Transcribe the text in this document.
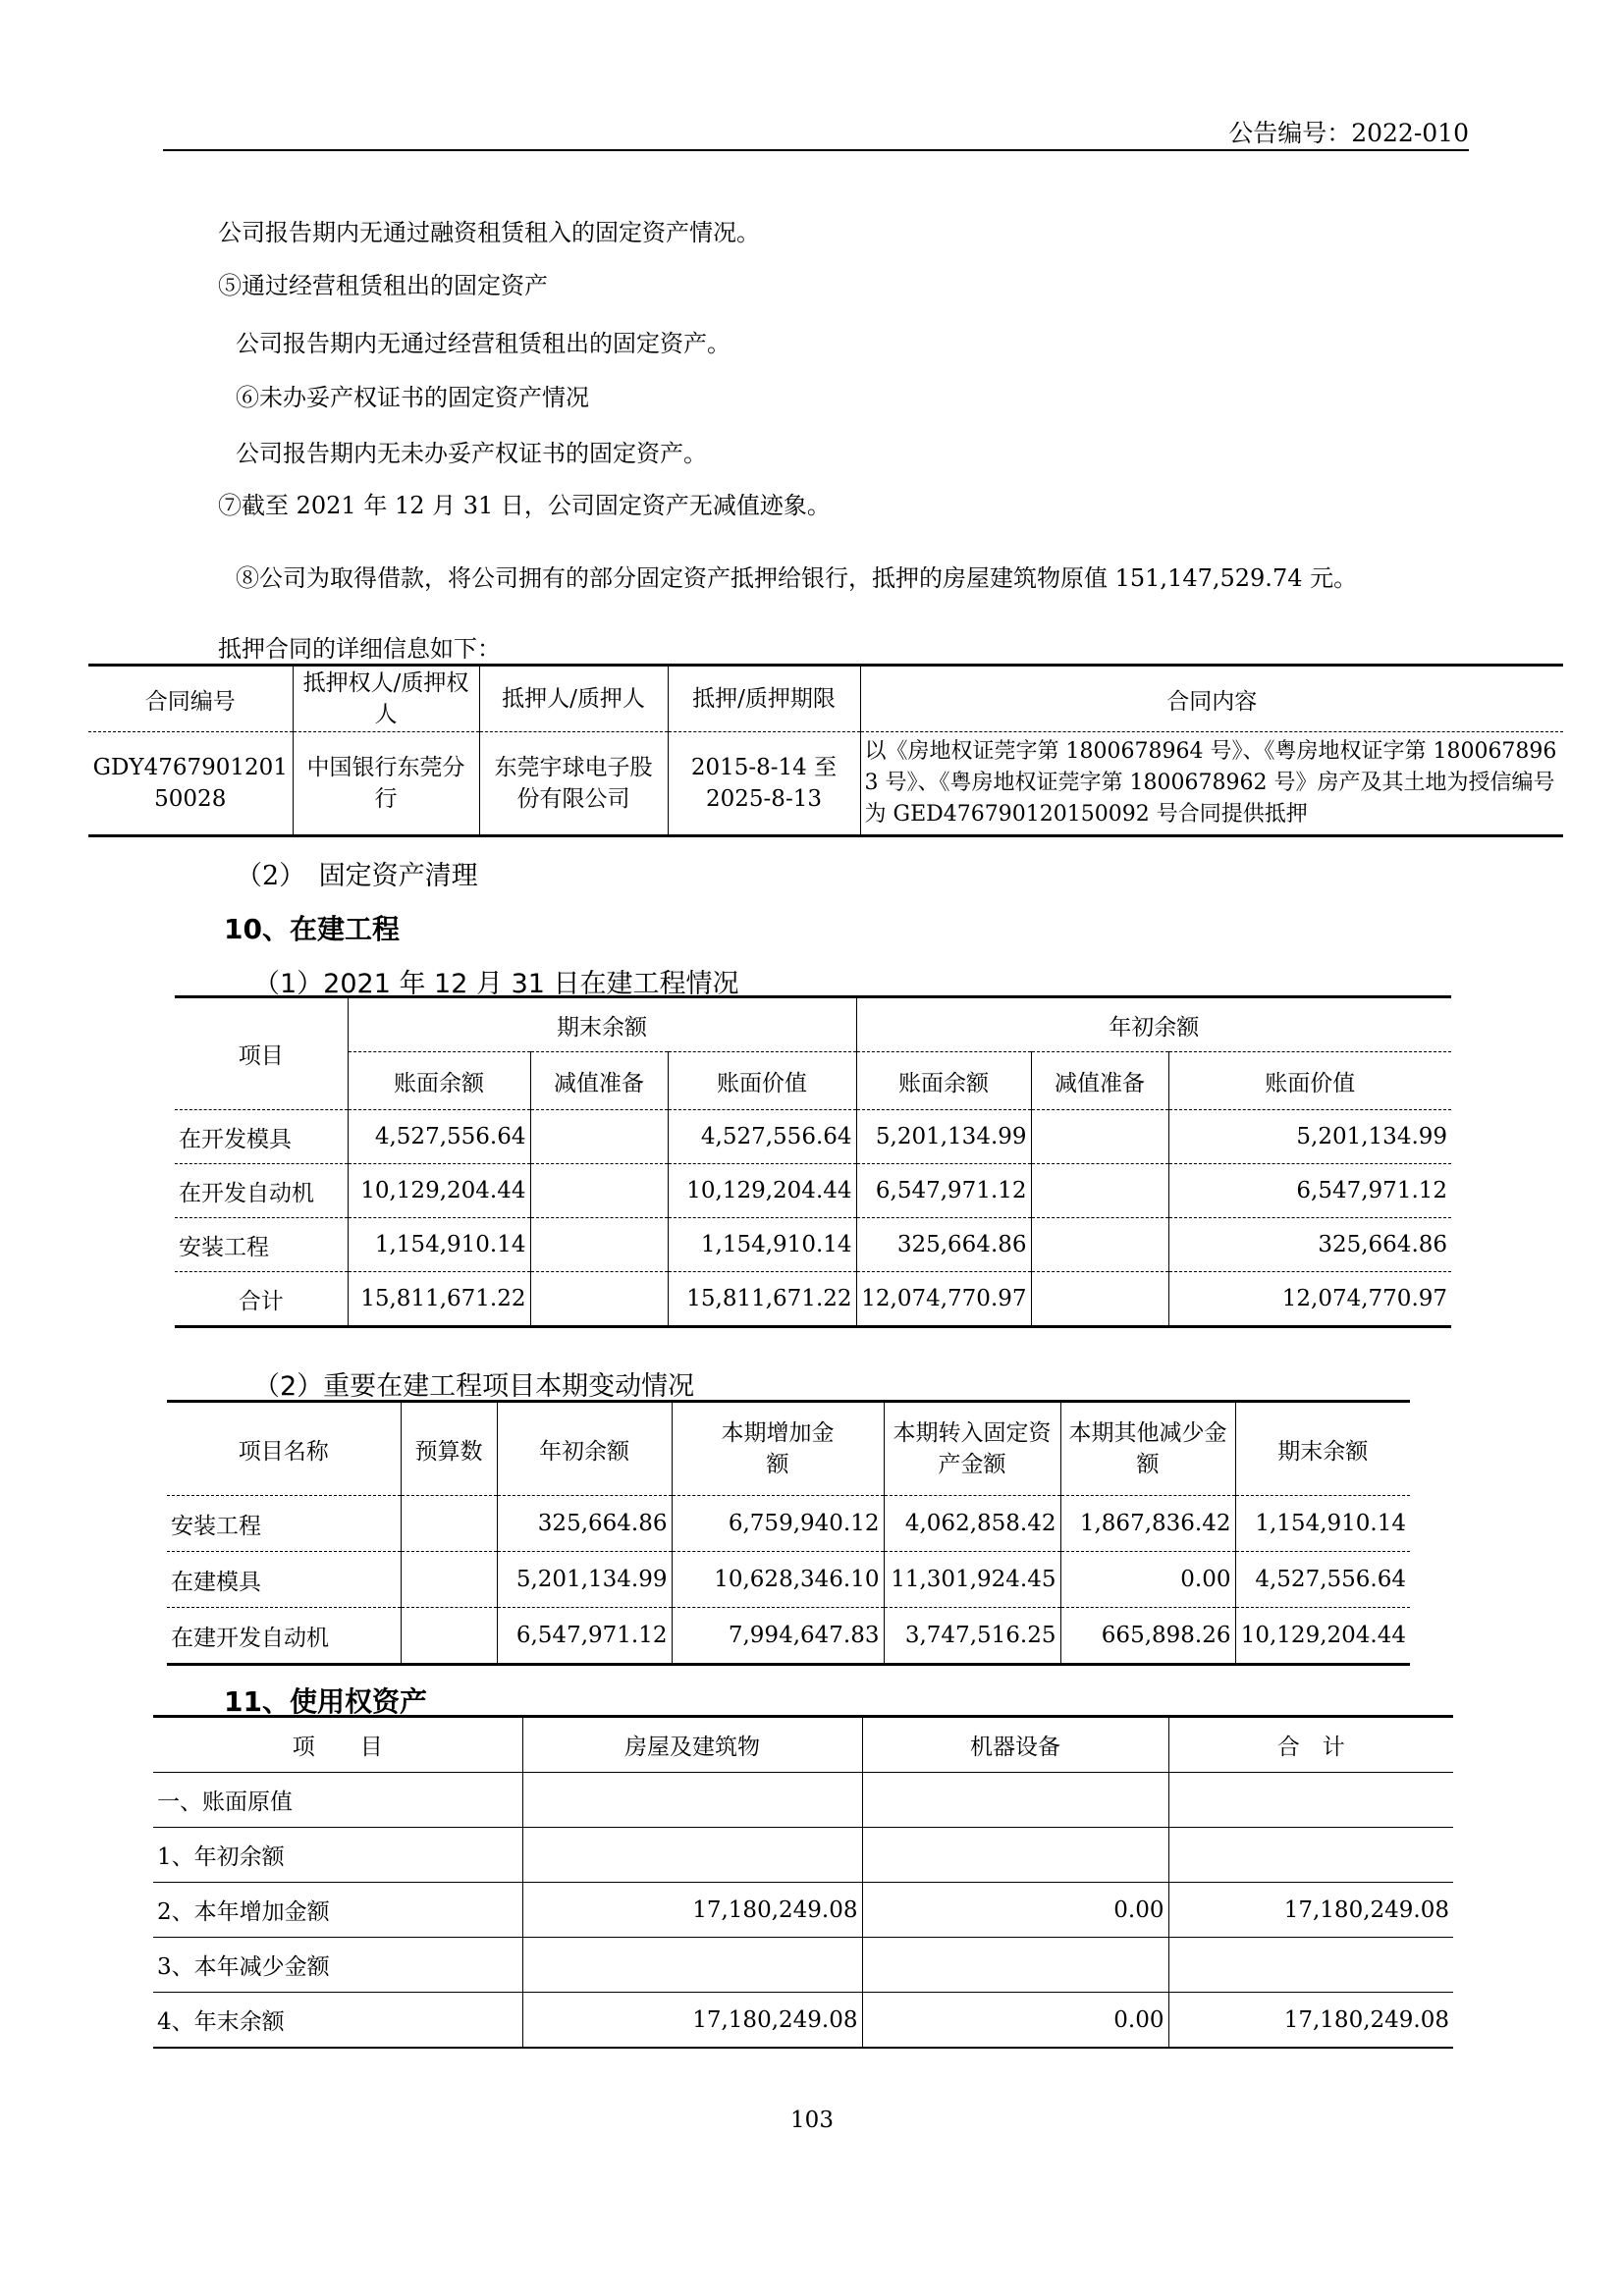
公告编号：2022-010
公司报告期内无通过融资租赁租入的固定资产情况。
⑤通过经营租赁租出的固定资产
公司报告期内无通过经营租赁租出的固定资产。
⑥未办妥产权证书的固定资产情况
公司报告期内无未办妥产权证书的固定资产。
⑦截至 2021 年 12 月 31 日，公司固定资产无减值迹象。
⑧公司为取得借款，将公司拥有的部分固定资产抵押给银行，抵押的房屋建筑物原值 151,147,529.74 元。
抵押合同的详细信息如下：
合同编号	抵押权人/质押权人	抵押人/质押人	抵押/质押期限	合同内容
GDY476790120150028	中国银行东莞分行	东莞宇球电子股份有限公司	2015-8-14 至 2025-8-13	以《房地权证莞字第 1800678964 号》、《粤房地权证字第 1800678963 号》、《粤房地权证莞字第 1800678962 号》房产及其土地为授信编号为 GED476790120150092 号合同提供抵押
（2）　固定资产清理
10、在建工程
（1）2021 年 12 月 31 日在建工程情况
项目	期末余额			年初余额		
	账面余额	减值准备	账面价值	账面余额	减值准备	账面价值
在开发模具	4,527,556.64		4,527,556.64	5,201,134.99		5,201,134.99
在开发自动机	10,129,204.44		10,129,204.44	6,547,971.12		6,547,971.12
安装工程	1,154,910.14		1,154,910.14	325,664.86		325,664.86
合计	15,811,671.22		15,811,671.22	12,074,770.97		12,074,770.97
（2）重要在建工程项目本期变动情况
项目名称	预算数	年初余额	本期增加金额	本期转入固定资产金额	本期其他减少金额	期末余额
安装工程		325,664.86	6,759,940.12	4,062,858.42	1,867,836.42	1,154,910.14
在建模具		5,201,134.99	10,628,346.10	11,301,924.45	0.00	4,527,556.64
在建开发自动机		6,547,971.12	7,994,647.83	3,747,516.25	665,898.26	10,129,204.44
11、使用权资产
项　　目	房屋及建筑物	机器设备	合　计
一、账面原值			
1、年初余额			
2、本年增加金额	17,180,249.08	0.00	17,180,249.08
3、本年减少金额			
4、年末余额	17,180,249.08	0.00	17,180,249.08
103
